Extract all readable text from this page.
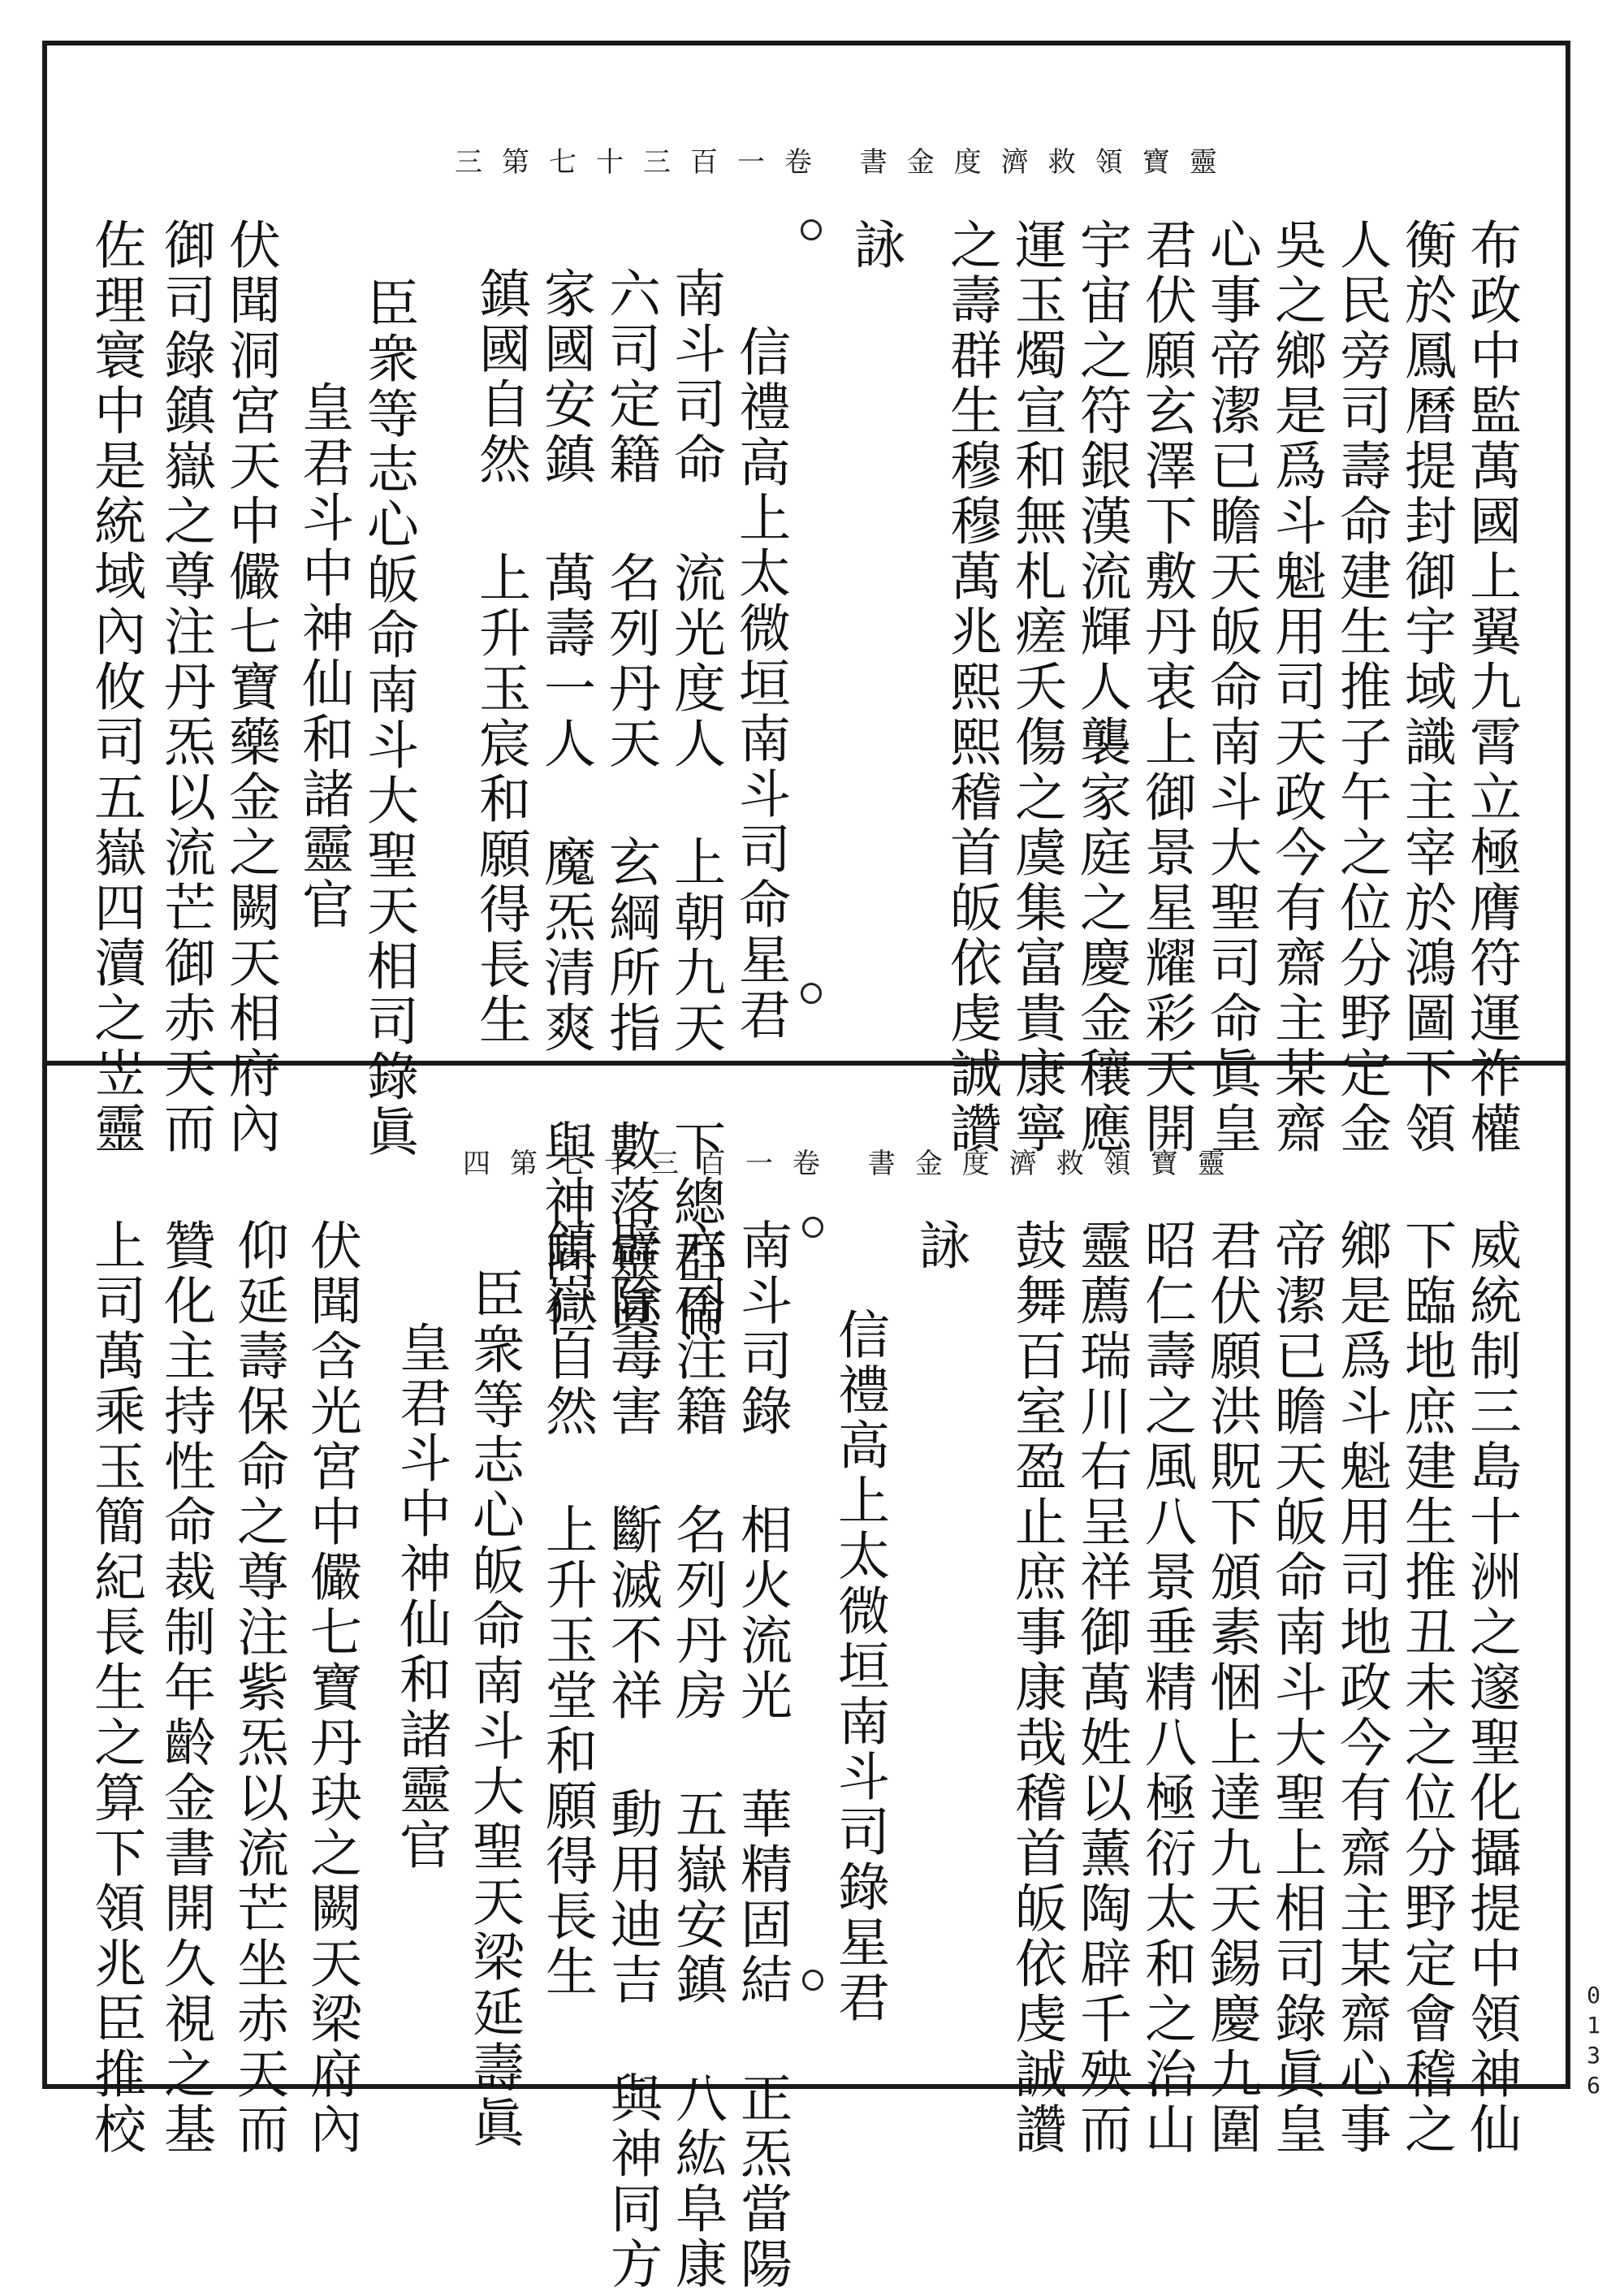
三第七十三百一卷 書金度濟救領寶靈
布政中監萬國上翼九霄立極膺符運祚權
衡於鳳曆提封御宇域識主宰於鴻圖下領
人民旁司壽命建生推子午之位分野定金
吳之鄉是爲斗魁用司天政今有齋主某齋
心事帝潔已瞻天皈命南斗大聖司命眞皇
君伏願玄澤下敷丹衷上御景星耀彩天開
宇宙之符銀漢流輝人襲家庭之慶金穰應
運玉燭宣和無札瘥夭傷之虞集富貴康寧
之壽群生穆穆萬兆熙熙稽首皈依虔誠讚
詠
信禮高上太微垣南斗司命星君
南斗司命 流光度人 上朝九天 下總群倫
六司定籍 名列丹天 玄綱所指 數落靈眞
家國安鎮 萬壽一人 魔炁清爽 與神同仁
鎮國自然 上升玉宸和願得長生
臣衆等志心皈命南斗大聖天相司錄眞
皇君斗中神仙和諸靈官
伏聞洞宮天中儼七寶藥金之闕天相府內
御司錄鎮嶽之尊注丹炁以流芒御赤天而
佐理寰中是統域內攸司五嶽四瀆之岦靈
四第七十三百一卷 書金度濟救領寶靈
威統制三島十洲之邃聖化攝提中領神仙
下臨地庶建生推丑未之位分野定會稽之
鄉是爲斗魁用司地政今有齋主某齋心事
帝潔已瞻天皈命南斗大聖上相司錄眞皇
君伏願洪貺下頒素悃上達九天錫慶九圍
昭仁壽之風八景垂精八極衍太和之治山
靈薦瑞川右呈祥御萬姓以薰陶辟千殃而
鼓舞百室盈止庶事康哉稽首皈依虔誠讚
詠
信禮高上太微垣南斗司錄星君
南斗司錄 相火流光 華精固結 正炁當陽
六司注籍 名列丹房 五嶽安鎮 八紘阜康
辟除毒害 斷滅不祥 動用迪吉 與神同方
鎮嶽自然 上升玉堂和願得長生
臣衆等志心皈命南斗大聖天梁延壽眞
皇君斗中神仙和諸靈官
伏聞含光宮中儼七寶丹玦之闕天梁府內
仰延壽保命之尊注紫炁以流芒坐赤天而
贊化主持性命裁制年齡金書開久視之基
上司萬乘玉簡紀長生之算下領兆臣推校	0136
